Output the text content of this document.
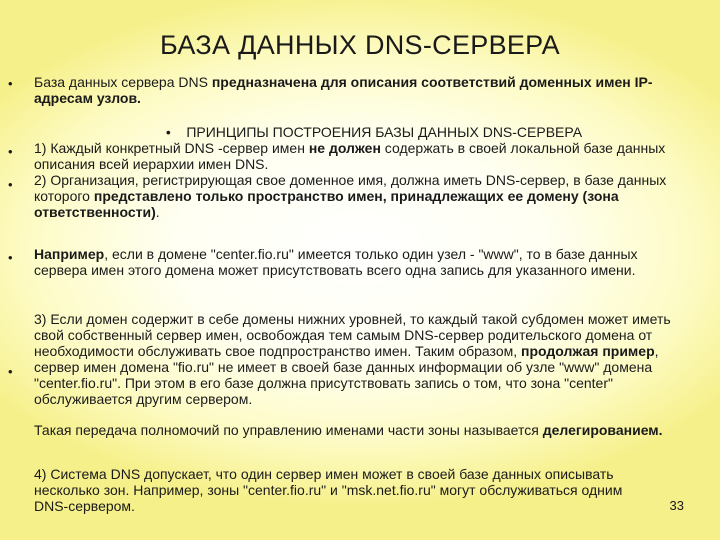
БАЗА ДАННЫХ DNS-СЕРВЕРА
• База данных сервера DNS предназначена для описания соответствий доменных имен IP-адресам узлов.

• ПРИНЦИПЫ ПОСТРОЕНИЯ БАЗЫ ДАННЫХ DNS-СЕРВЕРА

1) Каждый конкретный DNS -сервер имен не должен содержать в своей локальной базе данных описания всей иерархии имен DNS.

2) Организация, регистрирующая свое доменное имя, должна иметь DNS-сервер, в базе данных которого представлено только пространство имен, принадлежащих ее домену (зона ответственности).

•
•
• Например, если в домене "center.fio.ru" имеется только один узел - "www", то в базе данных сервера имен этого домена может присутствовать всего одна запись для указанного имени.

•

3) Если домен содержит в себе домены нижних уровней, то каждый такой субдомен может иметь свой собственный сервер имен, освобождая тем самым DNS-сервер родительского домена от необходимости обслуживать свое подпространство имен. Таким образом, продолжая пример, сервер имен домена "fio.ru" не имеет в своей базе данных информации об узле "www" домена "center.fio.ru". При этом в его базе должна присутствовать запись о том, что зона "center" обслуживается другим сервером.

Такая передача полномочий по управлению именами части зоны называется делегированием.

4) Система DNS допускает, что один сервер имен может в своей базе данных описывать несколько зон. Например, зоны "center.fio.ru" и "msk.net.fio.ru" могут обслуживаться одним DNS-сервером.	33
